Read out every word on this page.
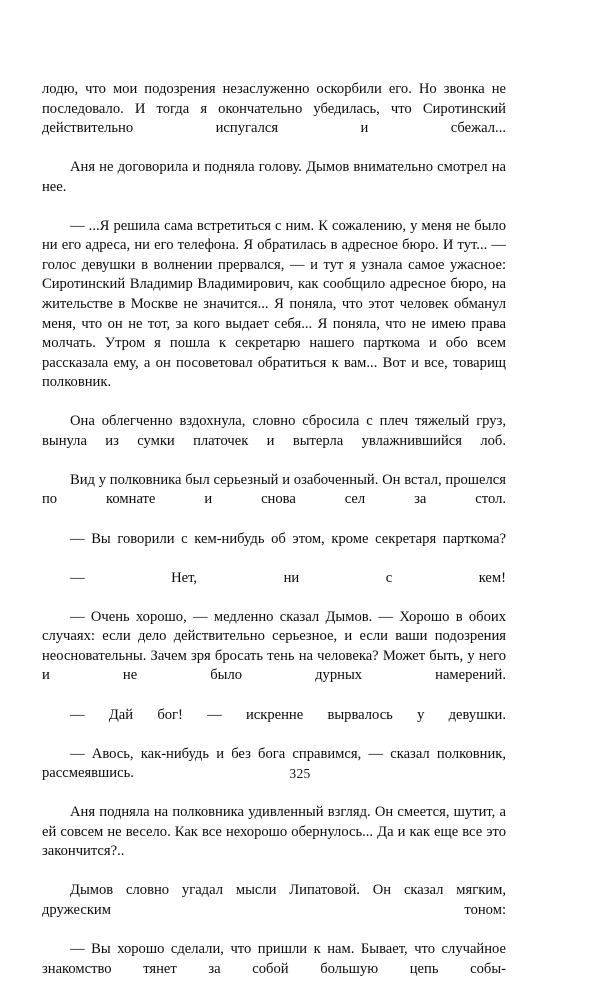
лодю, что мои подозрения незаслуженно оскорбили его. Но звонка не последовало. И тогда я окончательно убедилась, что Сиротинский действительно испугался и сбежал...

Аня не договорила и подняла голову. Дымов внимательно смотрел на нее.

— ...Я решила сама встретиться с ним. К сожалению, у меня не было ни его адреса, ни его телефона. Я обратилась в адресное бюро. И тут... — голос девушки в волнении прервался, — и тут я узнала самое ужасное: Сиротинский Владимир Владимирович, как сообщило адресное бюро, на жительстве в Москве не значится... Я поняла, что этот человек обманул меня, что он не тот, за кого выдает себя... Я поняла, что не имею права молчать. Утром я пошла к секретарю нашего парткома и обо всем рассказала ему, а он посоветовал обратиться к вам... Вот и все, товарищ полковник.

Она облегченно вздохнула, словно сбросила с плеч тяжелый груз, вынула из сумки платочек и вытерла увлажнившийся лоб.

Вид у полковника был серьезный и озабоченный. Он встал, прошелся по комнате и снова сел за стол.

— Вы говорили с кем-нибудь об этом, кроме секретаря парткома?

— Нет, ни с кем!

— Очень хорошо, — медленно сказал Дымов. — Хорошо в обоих случаях: если дело действительно серьезное, и если ваши подозрения неосновательны. Зачем зря бросать тень на человека? Может быть, у него и не было дурных намерений.

— Дай бог! — искренне вырвалось у девушки.

— Авось, как-нибудь и без бога справимся, — сказал полковник, рассмеявшись.

Аня подняла на полковника удивленный взгляд. Он смеется, шутит, а ей совсем не весело. Как все нехорошо обернулось... Да и как еще все это закончится?..

Дымов словно угадал мысли Липатовой. Он сказал мягким, дружеским тоном:

— Вы хорошо сделали, что пришли к нам. Бывает, что случайное знакомство тянет за собой большую цепь собы-

325
